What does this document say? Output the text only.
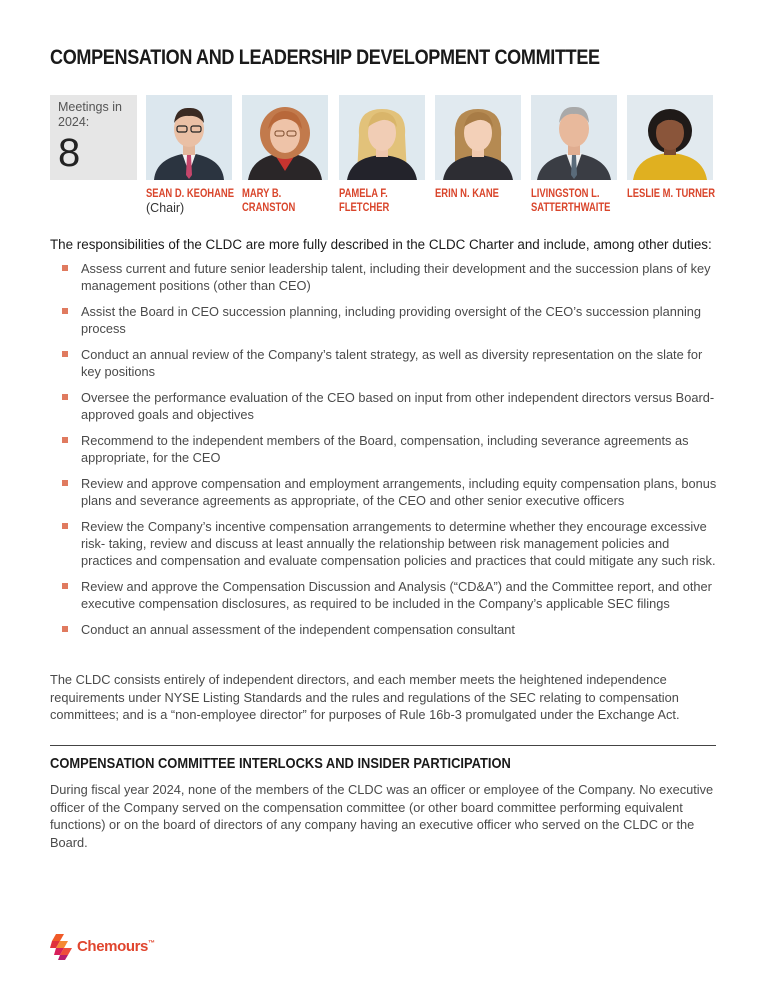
COMPENSATION AND LEADERSHIP DEVELOPMENT COMMITTEE
Meetings in
2024:
8
SEAN D. KEOHANE
(Chair)
MARY B.
CRANSTON
PAMELA F.
FLETCHER
ERIN N. KANE	LIVINGSTON L.
SATTERTHWAITE
LESLIE M. TURNER
The responsibilities of the CLDC are more fully described in the CLDC Charter and include, among other duties:
Assess current and future senior leadership talent, including their development and the succession plans of key management positions (other than CEO)
Assist the Board in CEO succession planning, including providing oversight of the CEO’s succession planning process
Conduct an annual review of the Company’s talent strategy, as well as diversity representation on the slate for key positions
Oversee the performance evaluation of the CEO based on input from other independent directors versus Board- approved goals and objectives
Recommend to the independent members of the Board, compensation, including severance agreements as appropriate, for the CEO
Review and approve compensation and employment arrangements, including equity compensation plans, bonus plans and severance agreements as appropriate, of the CEO and other senior executive officers
Review the Company’s incentive compensation arrangements to determine whether they encourage excessive risk- taking, review and discuss at least annually the relationship between risk management policies and practices and compensation and evaluate compensation policies and practices that could mitigate any such risk.
Review and approve the Compensation Discussion and Analysis (“CD&A”) and the Committee report, and other executive compensation disclosures, as required to be included in the Company’s applicable SEC filings
Conduct an annual assessment of the independent compensation consultant
The CLDC consists entirely of independent directors, and each member meets the heightened independence requirements under NYSE Listing Standards and the rules and regulations of the SEC relating to compensation committees; and is a “non-employee director” for purposes of Rule 16b-3 promulgated under the Exchange Act.
COMPENSATION COMMITTEE INTERLOCKS AND INSIDER PARTICIPATION
During fiscal year 2024, none of the members of the CLDC was an officer or employee of the Company. No executive officer of the Company served on the compensation committee (or other board committee performing equivalent functions) or on the board of directors of any company having an executive officer who served on the CLDC or the Board.
Chemours™
